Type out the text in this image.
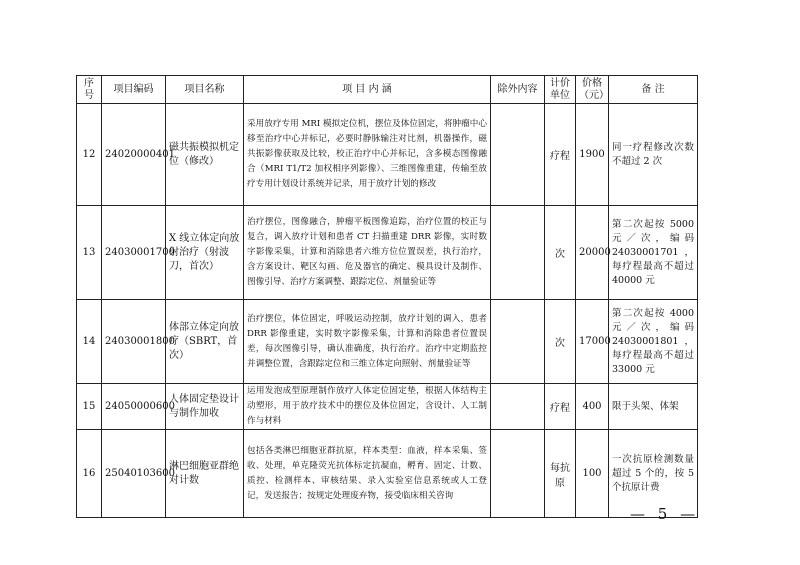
序号	项目编码	项目名称	项 目 内 涵	除外内容	计价单位	价格（元）	备 注
12	24020000401	磁共振模拟机定位（修改）	采用放疗专用 MRI 模拟定位机，摆位及体位固定，将肿瘤中心移至治疗中心并标记，必要时静脉输注对比剂，机器操作，磁共振影像获取及比较，校正治疗中心并标记，含多模态图像融合（MRI T1/T2 加权相序列影像）、三维图像重建，传输至放疗专用计划设计系统并记录，用于放疗计划的修改		疗程	1900	同一疗程修改次数不超过 2 次
13	24030001700	X 线立体定向放射治疗（射波刀，首次）	治疗摆位，图像融合，肿瘤平板图像追踪，治疗位置的校正与复合，调入放疗计划和患者 CT 扫描重建 DRR 影像，实时数字影像采集，计算和消除患者六维方位位置误差，执行治疗，含方案设计、靶区勾画、危及器官的确定、模具设计及制作、图像引导、治疗方案调整、跟踪定位、剂量验证等		次	20000	第二次起按 5000 元／次，编码 24030001701，每疗程最高不超过 40000 元
14	24030001800	体部立体定向放疗（SBRT，首次）	治疗摆位，体位固定，呼吸运动控制，放疗计划的调入，患者 DRR 影像重建，实时数字影像采集，计算和消除患者位置误差，每次图像引导，确认准确度，执行治疗。治疗中定期监控并调整位置，含跟踪定位和三维立体定向照射、剂量验证等		次	17000	第二次起按 4000 元／次，编码 24030001801，每疗程最高不超过 33000 元
15	24050000600	人体固定垫设计与制作加收	运用发泡成型原理制作放疗人体定位固定垫，根据人体结构主动塑形，用于放疗技术中的摆位及体位固定，含设计、人工制作与材料		疗程	400	限于头架、体架
16	25040103600	淋巴细胞亚群绝对计数	包括各类淋巴细胞亚群抗原，样本类型：血液，样本采集、签收、处理，单克隆荧光抗体标定抗凝血，孵育、固定、计数、质控、检测样本、审核结果、录入实验室信息系统或人工登记，发送报告；按规定处理废弃物，接受临床相关咨询		每抗原	100	一次抗原检测数量超过 5 个的，按 5 个抗原计费
— 5 —
